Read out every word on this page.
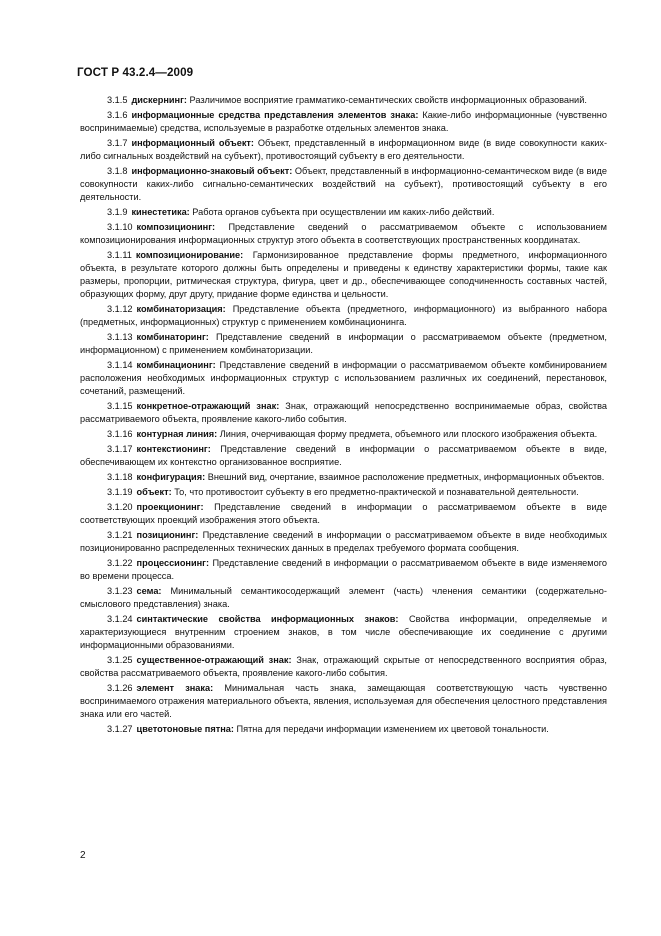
ГОСТ Р 43.2.4—2009

3.1.5 дискернинг: Различимое восприятие грамматико-семантических свойств информационных образований.

3.1.6 информационные средства представления элементов знака: Какие-либо информационные (чувственно воспринимаемые) средства, используемые в разработке отдельных элементов знака.

3.1.7 информационный объект: Объект, представленный в информационном виде (в виде совокупности каких-либо сигнальных воздействий на субъект), противостоящий субъекту в его деятельности.

3.1.8 информационно-знаковый объект: Объект, представленный в информационно-семантическом виде (в виде совокупности каких-либо сигнально-семантических воздействий на субъект), противостоящий субъекту в его деятельности.

3.1.9 кинестетика: Работа органов субъекта при осуществлении им каких-либо действий.

3.1.10 композиционинг: Представление сведений о рассматриваемом объекте с использованием композиционирования информационных структур этого объекта в соответствующих пространственных координатах.

3.1.11 композиционирование: Гармонизированное представление формы предметного, информационного объекта, в результате которого должны быть определены и приведены к единству характеристики формы, такие как размеры, пропорции, ритмическая структура, фигура, цвет и др., обеспечивающее соподчиненность составных частей, образующих форму, друг другу, придание форме единства и цельности.

3.1.12 комбинаторизация: Представление объекта (предметного, информационного) из выбранного набора (предметных, информационных) структур с применением комбинационинга.

3.1.13 комбинаторинг: Представление сведений в информации о рассматриваемом объекте (предметном, информационном) с применением комбинаторизации.

3.1.14 комбинационинг: Представление сведений в информации о рассматриваемом объекте комбинированием расположения необходимых информационных структур с использованием различных их соединений, перестановок, сочетаний, размещений.

3.1.15 конкретное-отражающий знак: Знак, отражающий непосредственно воспринимаемые образ, свойства рассматриваемого объекта, проявление какого-либо события.

3.1.16 контурная линия: Линия, очерчивающая форму предмета, объемного или плоского изображения объекта.

3.1.17 контекстионинг: Представление сведений в информации о рассматриваемом объекте в виде, обеспечивающем их контекстно организованное восприятие.

3.1.18 конфигурация: Внешний вид, очертание, взаимное расположение предметных, информационных объектов.

3.1.19 объект: То, что противостоит субъекту в его предметно-практической и познавательной деятельности.

3.1.20 проекционинг: Представление сведений в информации о рассматриваемом объекте в виде соответствующих проекций изображения этого объекта.

3.1.21 позиционинг: Представление сведений в информации о рассматриваемом объекте в виде необходимых позиционированно распределенных технических данных в пределах требуемого формата сообщения.

3.1.22 процессионинг: Представление сведений в информации о рассматриваемом объекте в виде изменяемого во времени процесса.

3.1.23 сема: Минимальный семантикосодержащий элемент (часть) членения семантики (содержательно-смыслового представления) знака.

3.1.24 синтактические свойства информационных знаков: Свойства информации, определяемые и характеризующиеся внутренним строением знаков, в том числе обеспечивающие их соединение с другими информационными образованиями.

3.1.25 существенное-отражающий знак: Знак, отражающий скрытые от непосредственного восприятия образ, свойства рассматриваемого объекта, проявление какого-либо события.

3.1.26 элемент знака: Минимальная часть знака, замещающая соответствующую часть чувственно воспринимаемого отражения материального объекта, явления, используемая для обеспечения целостного представления знака или его частей.

3.1.27 цветотоновые пятна: Пятна для передачи информации изменением их цветовой тональности.

2
